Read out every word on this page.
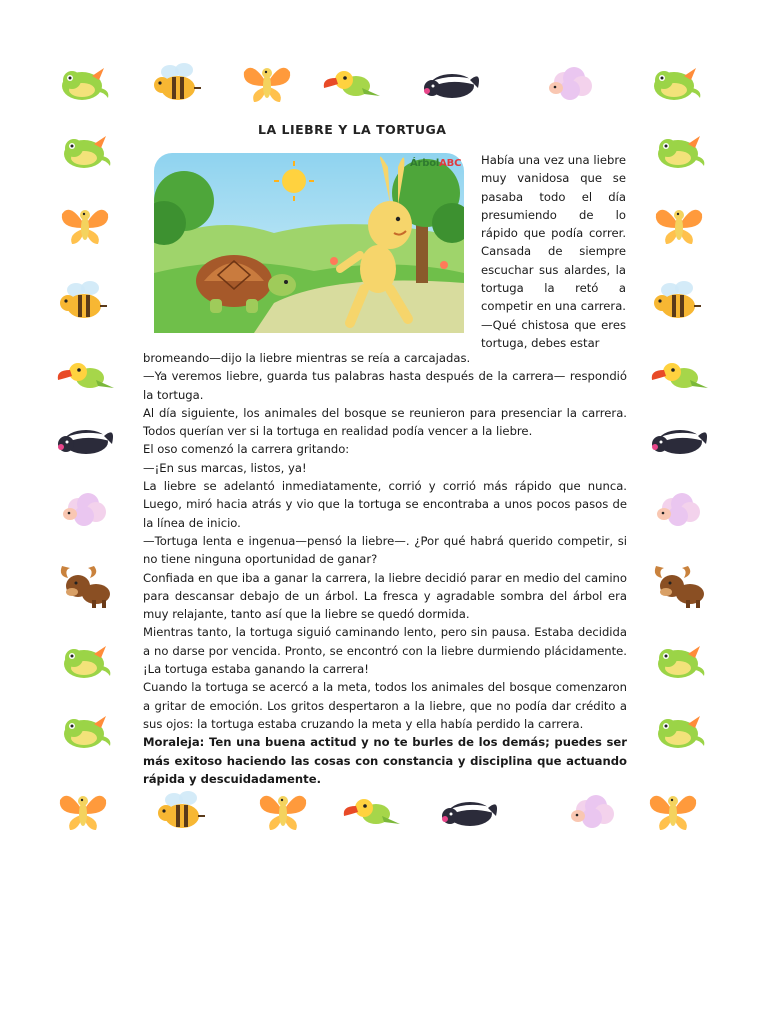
LA LIEBRE Y LA TORTUGA
ÁrbolABC Había una vez una liebre muy vanidosa que se pasaba todo el día presumiendo de lo rápido que podía correr. Cansada de siempre escuchar sus alardes, la tortuga la retó a competir en una carrera. —Qué chistosa que eres tortuga, debes estar

bromeando—dijo la liebre mientras se reía a carcajadas.

—Ya veremos liebre, guarda tus palabras hasta después de la carrera— respondió la tortuga.

Al día siguiente, los animales del bosque se reunieron para presenciar la carrera. Todos querían ver si la tortuga en realidad podía vencer a la liebre.

El oso comenzó la carrera gritando:

—¡En sus marcas, listos, ya!

La liebre se adelantó inmediatamente, corrió y corrió más rápido que nunca. Luego, miró hacia atrás y vio que la tortuga se encontraba a unos pocos pasos de la línea de inicio.

—Tortuga lenta e ingenua—pensó la liebre—. ¿Por qué habrá querido competir, si no tiene ninguna oportunidad de ganar?

Confiada en que iba a ganar la carrera, la liebre decidió parar en medio del camino para descansar debajo de un árbol. La fresca y agradable sombra del árbol era muy relajante, tanto así que la liebre se quedó dormida.

Mientras tanto, la tortuga siguió caminando lento, pero sin pausa. Estaba decidida a no darse por vencida. Pronto, se encontró con la liebre durmiendo plácidamente. ¡La tortuga estaba ganando la carrera!

Cuando la tortuga se acercó a la meta, todos los animales del bosque comenzaron a gritar de emoción. Los gritos despertaron a la liebre, que no podía dar crédito a sus ojos: la tortuga estaba cruzando la meta y ella había perdido la carrera.

Moraleja: Ten una buena actitud y no te burles de los demás; puedes ser más exitoso haciendo las cosas con constancia y disciplina que actuando rápida y descuidadamente.
